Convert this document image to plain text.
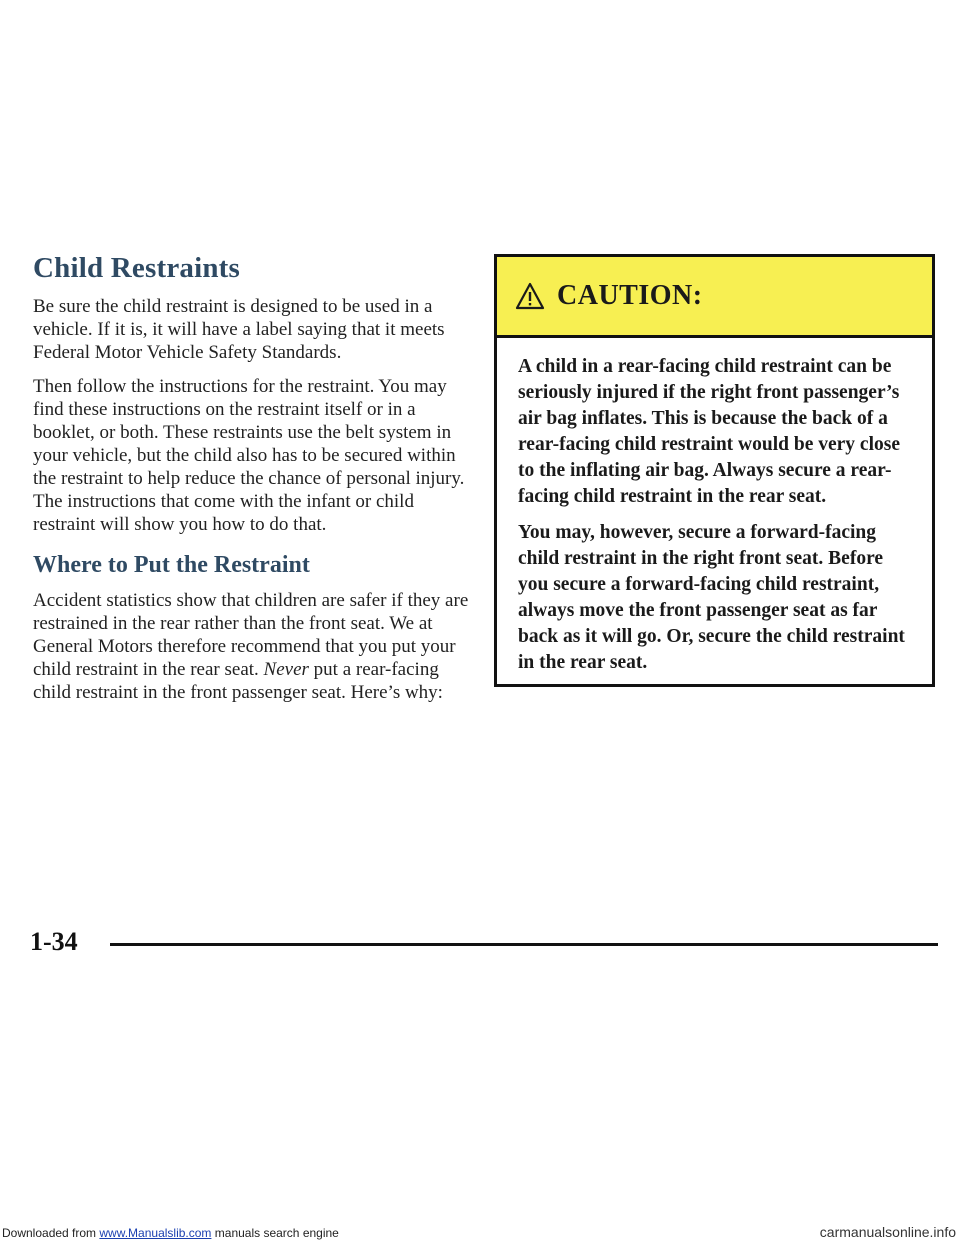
Child Restraints

Be sure the child restraint is designed to be used in a vehicle. If it is, it will have a label saying that it meets Federal Motor Vehicle Safety Standards.

Then follow the instructions for the restraint. You may find these instructions on the restraint itself or in a booklet, or both. These restraints use the belt system in your vehicle, but the child also has to be secured within the restraint to help reduce the chance of personal injury. The instructions that come with the infant or child restraint will show you how to do that.

Where to Put the Restraint

Accident statistics show that children are safer if they are restrained in the rear rather than the front seat. We at General Motors therefore recommend that you put your child restraint in the rear seat. Never put a rear-facing child restraint in the front passenger seat. Here’s why:

CAUTION:

A child in a rear-facing child restraint can be seriously injured if the right front passenger’s air bag inflates. This is because the back of a rear-facing child restraint would be very close to the inflating air bag. Always secure a rear-facing child restraint in the rear seat.

You may, however, secure a forward-facing child restraint in the right front seat. Before you secure a forward-facing child restraint, always move the front passenger seat as far back as it will go. Or, secure the child restraint in the rear seat.

1-34
Downloaded from www.Manualslib.com manuals search engine	carmanualsonline.info
